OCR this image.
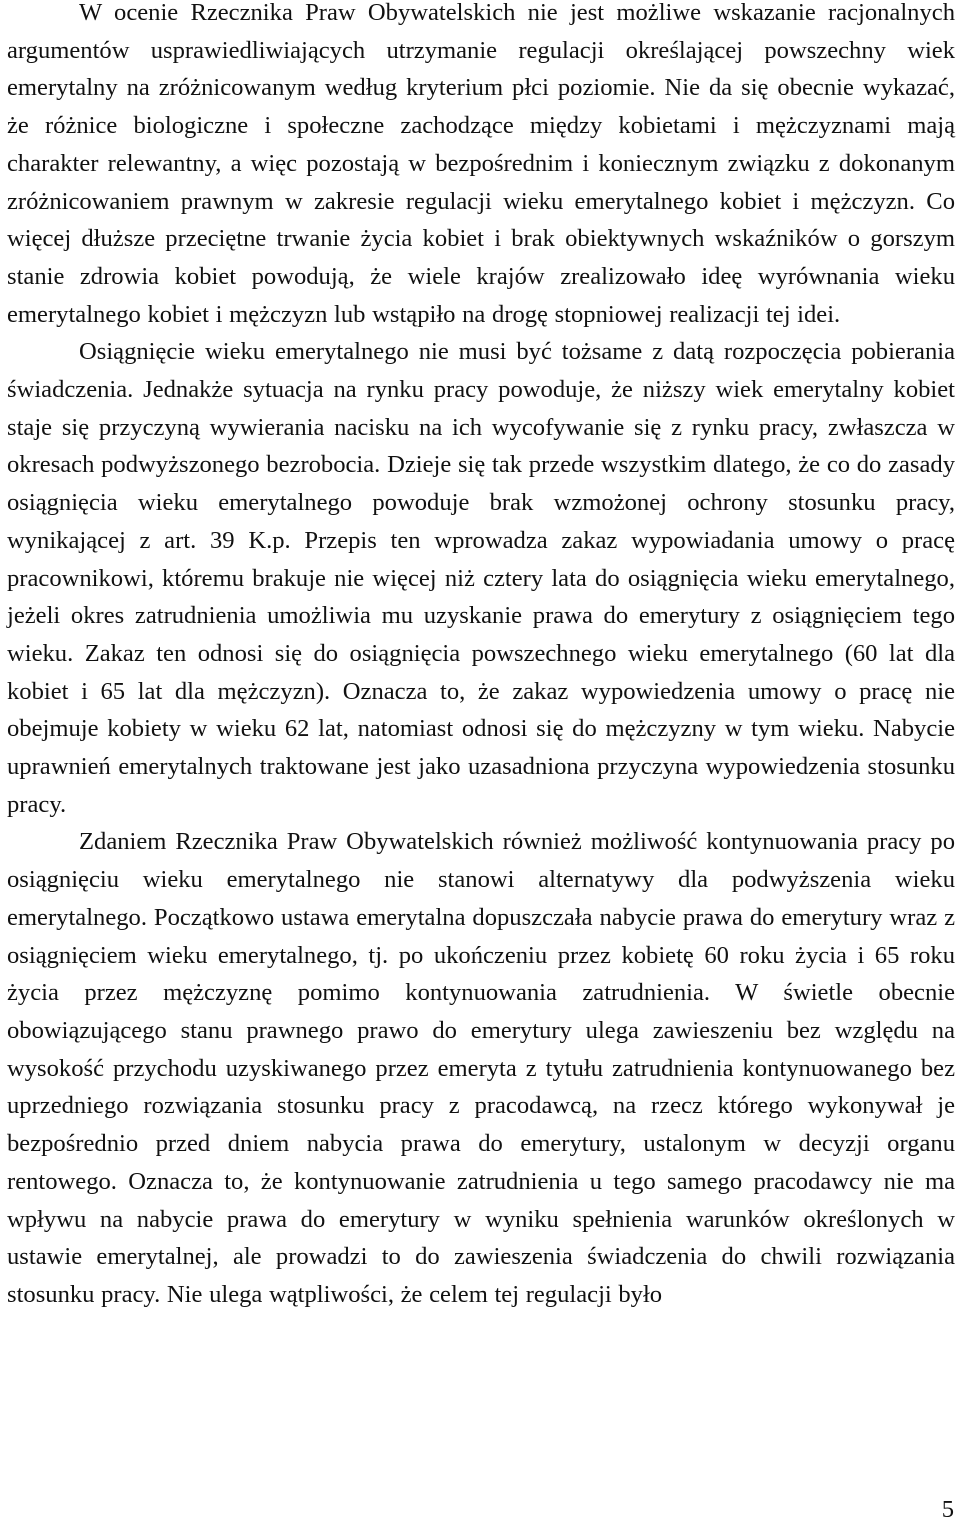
W ocenie Rzecznika Praw Obywatelskich nie jest możliwe wskazanie racjonalnych argumentów usprawiedliwiających utrzymanie regulacji określającej powszechny wiek emerytalny na zróżnicowanym według kryterium płci poziomie. Nie da się obecnie wykazać, że różnice biologiczne i społeczne zachodzące między kobietami i mężczyznami mają charakter relewantny, a więc pozostają w bezpośrednim i koniecznym związku z dokonanym zróżnicowaniem prawnym w zakresie regulacji wieku emerytalnego kobiet i mężczyzn. Co więcej dłuższe przeciętne trwanie życia kobiet i brak obiektywnych wskaźników o gorszym stanie zdrowia kobiet powodują, że wiele krajów zrealizowało ideę wyrównania wieku emerytalnego kobiet i mężczyzn lub wstąpiło na drogę stopniowej realizacji tej idei.

Osiągnięcie wieku emerytalnego nie musi być tożsame z datą rozpoczęcia pobierania świadczenia. Jednakże sytuacja na rynku pracy powoduje, że niższy wiek emerytalny kobiet staje się przyczyną wywierania nacisku na ich wycofywanie się z rynku pracy, zwłaszcza w okresach podwyższonego bezrobocia. Dzieje się tak przede wszystkim dlatego, że co do zasady osiągnięcia wieku emerytalnego powoduje brak wzmożonej ochrony stosunku pracy, wynikającej z art. 39 K.p. Przepis ten wprowadza zakaz wypowiadania umowy o pracę pracownikowi, któremu brakuje nie więcej niż cztery lata do osiągnięcia wieku emerytalnego, jeżeli okres zatrudnienia umożliwia mu uzyskanie prawa do emerytury z osiągnięciem tego wieku. Zakaz ten odnosi się do osiągnięcia powszechnego wieku emerytalnego (60 lat dla kobiet i 65 lat dla mężczyzn). Oznacza to, że zakaz wypowiedzenia umowy o pracę nie obejmuje kobiety w wieku 62 lat, natomiast odnosi się do mężczyzny w tym wieku. Nabycie uprawnień emerytalnych traktowane jest jako uzasadniona przyczyna wypowiedzenia stosunku pracy.

Zdaniem Rzecznika Praw Obywatelskich również możliwość kontynuowania pracy po osiągnięciu wieku emerytalnego nie stanowi alternatywy dla podwyższenia wieku emerytalnego. Początkowo ustawa emerytalna dopuszczała nabycie prawa do emerytury wraz z osiągnięciem wieku emerytalnego, tj. po ukończeniu przez kobietę 60 roku życia i 65 roku życia przez mężczyznę pomimo kontynuowania zatrudnienia. W świetle obecnie obowiązującego stanu prawnego prawo do emerytury ulega zawieszeniu bez względu na wysokość przychodu uzyskiwanego przez emeryta z tytułu zatrudnienia kontynuowanego bez uprzedniego rozwiązania stosunku pracy z pracodawcą, na rzecz którego wykonywał je bezpośrednio przed dniem nabycia prawa do emerytury, ustalonym w decyzji organu rentowego. Oznacza to, że kontynuowanie zatrudnienia u tego samego pracodawcy nie ma wpływu na nabycie prawa do emerytury w wyniku spełnienia warunków określonych w ustawie emerytalnej, ale prowadzi to do zawieszenia świadczenia do chwili rozwiązania stosunku pracy. Nie ulega wątpliwości, że celem tej regulacji było

5
